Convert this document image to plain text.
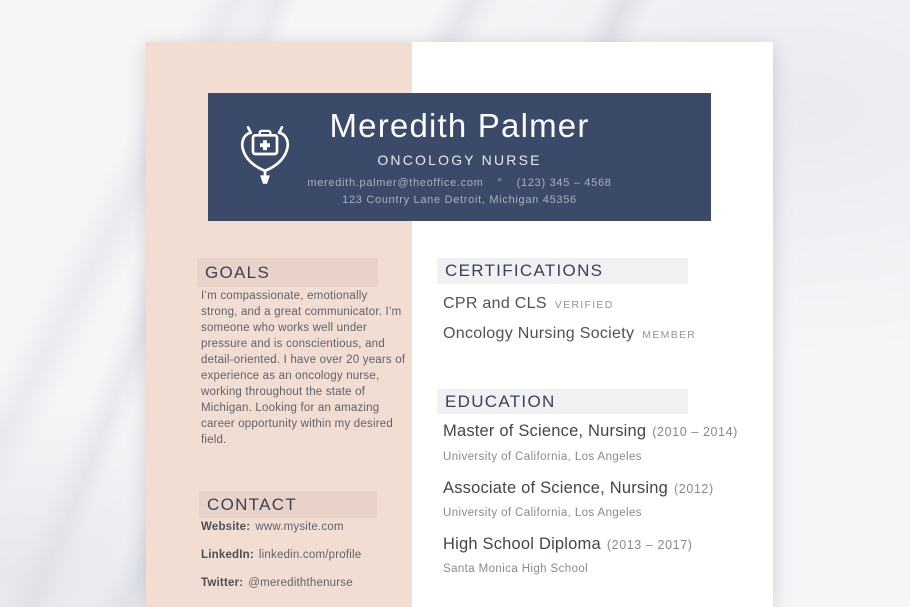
Meredith Palmer
ONCOLOGY NURSE
meredith.palmer@theoffice.com ° (123) 345 – 4568
123 Country Lane Detroit, Michigan 45356
GOALS

I’m compassionate, emotionally strong, and a great communicator. I’m someone who works well under pressure and is conscientious, and detail-oriented. I have over 20 years of experience as an oncology nurse, working throughout the state of Michigan. Looking for an amazing career opportunity within my desired field.

CONTACT
Website: www.mysite.com
LinkedIn: linkedin.com/profile
Twitter: @merediththenurse
CERTIFICATIONS
CPR and CLS VERIFIED
Oncology Nursing Society MEMBER
EDUCATION
Master of Science, Nursing (2010 – 2014)
University of California, Los Angeles
Associate of Science, Nursing (2012)
University of California, Los Angeles
High School Diploma (2013 – 2017)
Santa Monica High School
